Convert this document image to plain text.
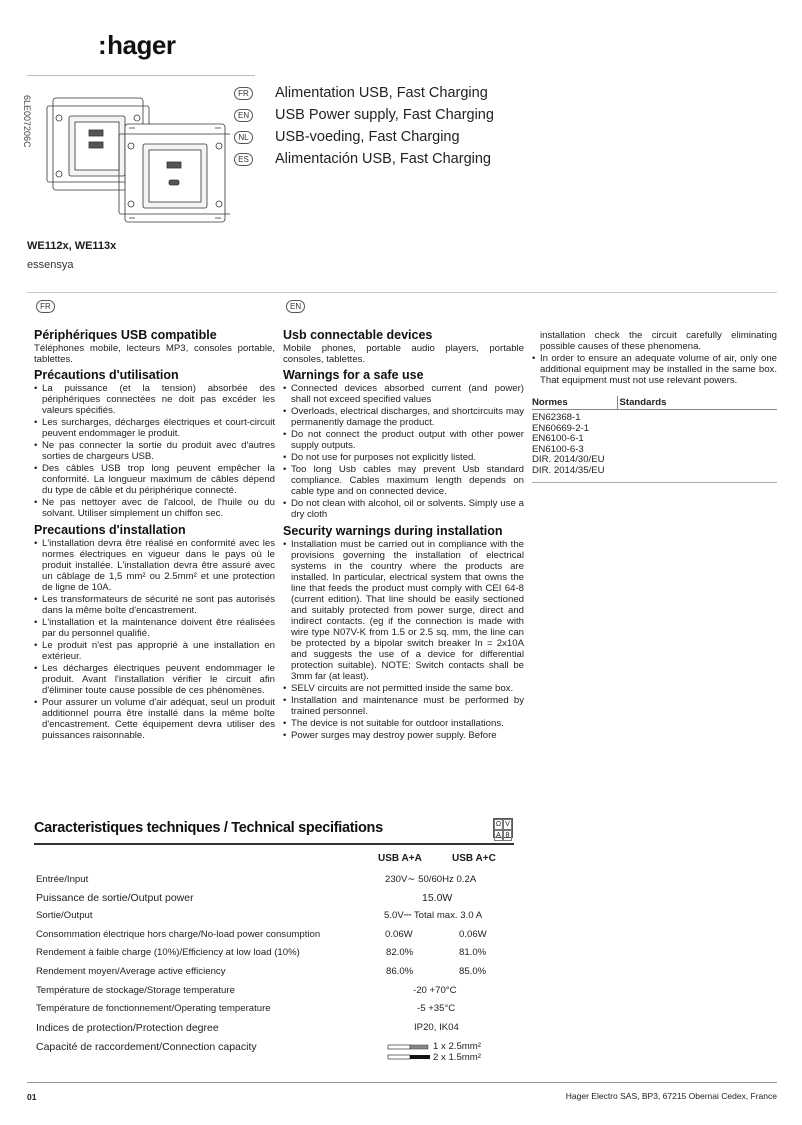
:hager
6LE007206C
FR Alimentation USB, Fast Charging
EN USB Power supply, Fast Charging
NL	USB-voeding, Fast Charging
ES Alimentación USB, Fast Charging
WE112x, WE113x
essensya
FR	EN
Périphériques USB compatible

Téléphones mobile, lecteurs MP3, consoles portable, tablettes.

Précautions d'utilisation
• La puissance (et la tension) absorbée des périphériques connectées ne doit pas excéder les valeurs spécifiés.
• Les surcharges, décharges électriques et court-circuit peuvent endommager le produit.
• Ne pas connecter la sortie du produit avec d'autres sorties de chargeurs USB.
• Des câbles USB trop long peuvent empêcher la conformité. La longueur maximum de câbles dépend du type de câble et du périphérique connecté.
• Ne pas nettoyer avec de l'alcool, de l'huile ou du solvant. Utiliser simplement un chiffon sec.
Precautions d'installation
• L'installation devra être réalisé en conformité avec les normes électriques en vigueur dans le pays où le produit installée. L'installation devra être assuré avec un câblage de 1,5 mm² ou 2.5mm² et une protection de ligne de 10A.
• Les transformateurs de sécurité ne sont pas autorisés dans la même boîte d'encastrement.
• L'installation et la maintenance doivent être réalisées par du personnel qualifié.
• Le produit n'est pas approprié à une installation en extérieur.
• Les décharges électriques peuvent endommager le produit. Avant l'installation vérifier le circuit afin d'éliminer toute cause possible de ces phénomènes.
• Pour assurer un volume d'air adéquat, seul un produit additionnel pourra être installé dans la même boîte d'encastrement. Cette équipement devra utiliser des puissances raisonnable.
Usb connectable devices

Mobile phones, portable audio players, portable consoles, tablettes.

Warnings for a safe use
• Connected devices absorbed current (and power) shall not exceed specified values
• Overloads, electrical discharges, and shortcircuits may permanently damage the product.
• Do not connect the product output with other power supply outputs.
• Do not use for purposes not explicitly listed.
• Too long Usb cables may prevent Usb standard compliance. Cables maximum length depends on cable type and on connected device.
• Do not clean with alcohol, oil or solvents. Simply use a dry cloth
Security warnings during installation
• Installation must be carried out in compliance with the provisions governing the installation of electrical systems in the country where the products are installed. In particular, electrical system that owns the line that feeds the product must comply with CEI 64-8 (current edition). That line should be easily sectioned and suitably protected from power surge, direct and indirect contacts. (eg if the connection is made with wire type N07V-K from 1.5 or 2.5 sq. mm, the line can be protected by a bipolar switch breaker In = 2x10A and suggests the use of a device for differential protection suitable). NOTE: Switch contacts shall be 3mm far (at least).
• SELV circuits are not permitted inside the same box.
• Installation and maintenance must be performed by trained personnel.
• The device is not suitable for outdoor installations.
• Power surges may destroy power supply. Before

installation check the circuit carefully eliminating possible causes of these phenomena.

• In order to ensure an adequate volume of air, only one additional equipment may be installed in the same box. That equipment must not use relevant powers.
Normes	Standards
EN62368-1
EN60669-2-1
EN6100-6-1
EN6100-6-3
DIR. 2014/30/EU
DIR. 2014/35/EU
Caracteristiques techniques / Technical specifiations	Ω V
A 8
USB A+A	USB A+C
Entrée/Input	230V∼ 50/60Hz 0.2A
Puissance de sortie/Output power	15.0W
Sortie/Output	5.0V⎓ Total max. 3.0 A
Consommation électrique hors charge/No-load power consumption	0.06W	0.06W
Rendement à faible charge (10%)/Efficiency at low load (10%)	82.0%	81.0%
Rendement moyen/Average active efficiency	86.0%	85.0%
Température de stockage/Storage temperature	-20 +70°C
Température de fonctionnement/Operating temperature	-5 +35°C
Indices de protection/Protection degree	IP20, IK04
Capacité de raccordement/Connection capacity	1 x 2.5mm²
2 x 1.5mm²
01	Hager Electro SAS, BP3, 67215 Obernai Cedex, France
